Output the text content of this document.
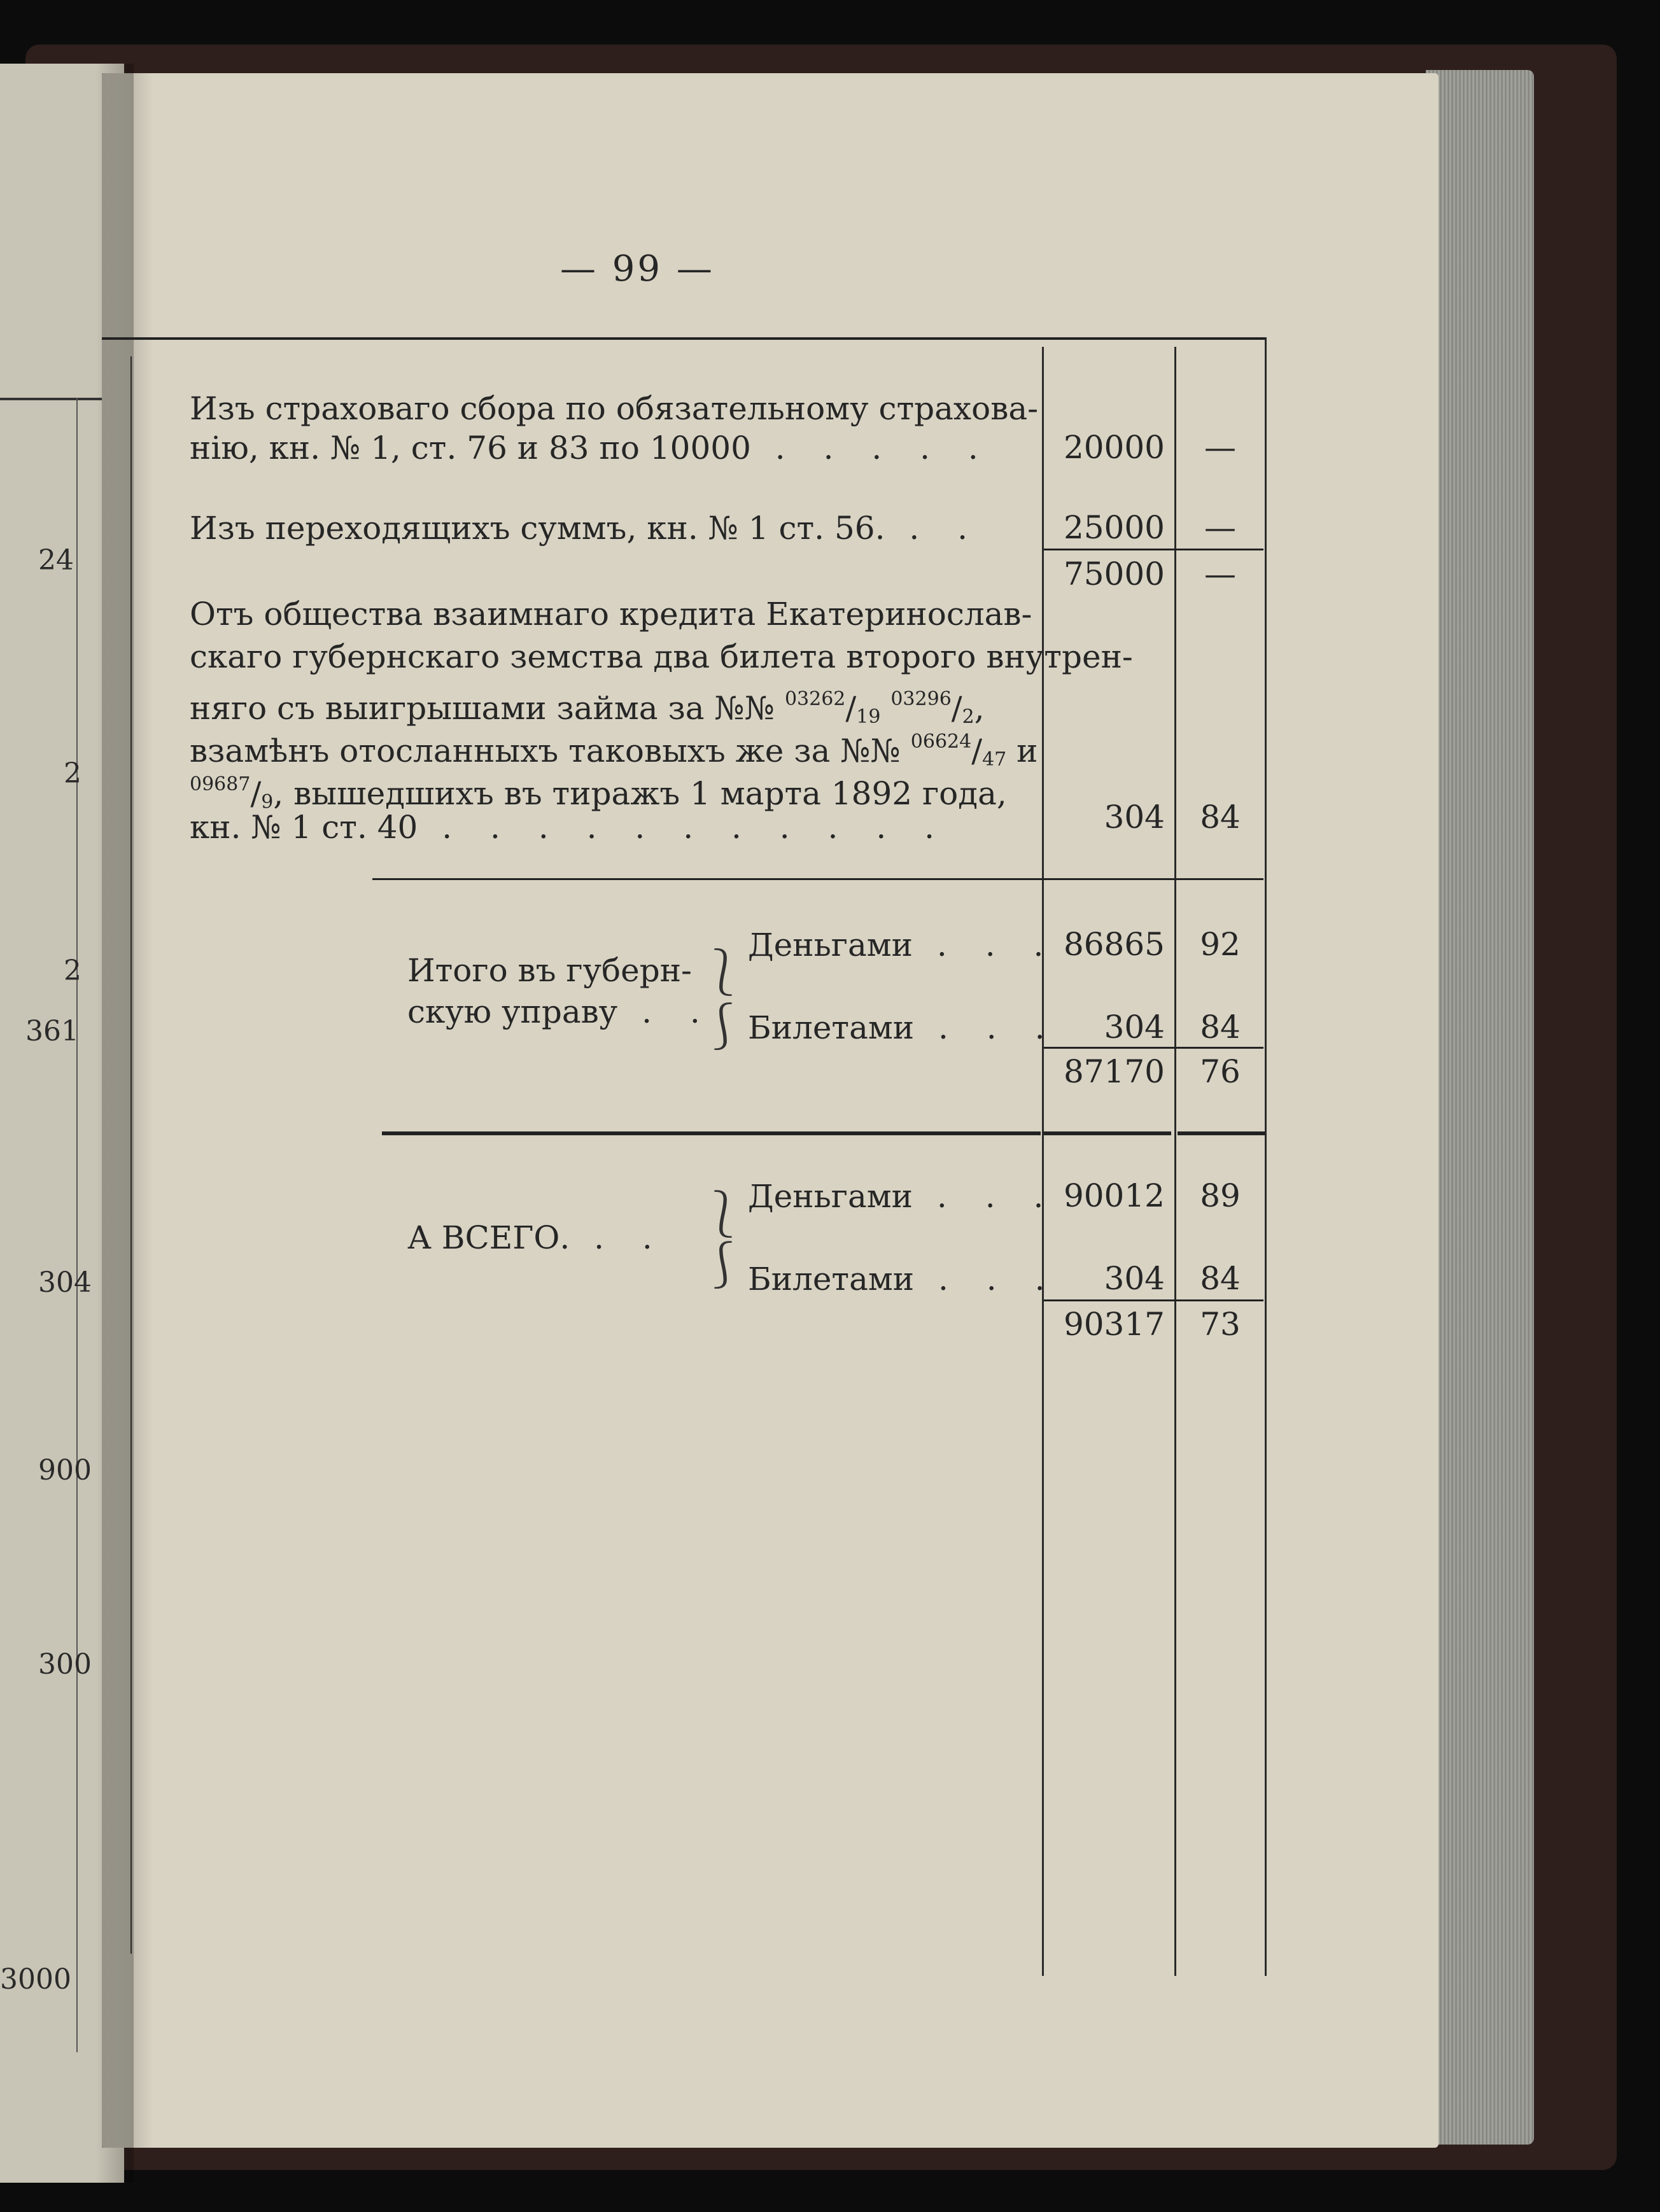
24
2
2
361
304
900
300
3000
— 99 —
Изъ страховаго сбора по обязательному страхова-
нію, кн. № 1, ст. 76 и 83 по 10000 . . . . . 20000	—
Изъ переходящихъ суммъ, кн. № 1 ст. 56. . .	25000	—
75000	—
Отъ общества взаимнаго кредита Екатеринослав-
скаго губернскаго земства два билета второго внутрен-
няго съ выигрышами займа за №№ $^{03262}/_{19}$ $^{03296}/_2$,
взамѣнъ отосланныхъ таковыхъ же за №№ $^{06624}/_{47}$ и
$^{09687}/_9$, вышедшихъ въ тиражъ 1 марта 1892 года,
кн. № 1 ст. 40 . . . . . . . . . . .	304	84
Итого въ губерн-
скую управу . .
⎱
⎰
Деньгами . . . 86865	92
Билетами . . .	304	84
87170	76
А ВСЕГО. . . ⎱
⎰
Деньгами . . . 90012	89
Билетами . . .	304	84
90317	73
